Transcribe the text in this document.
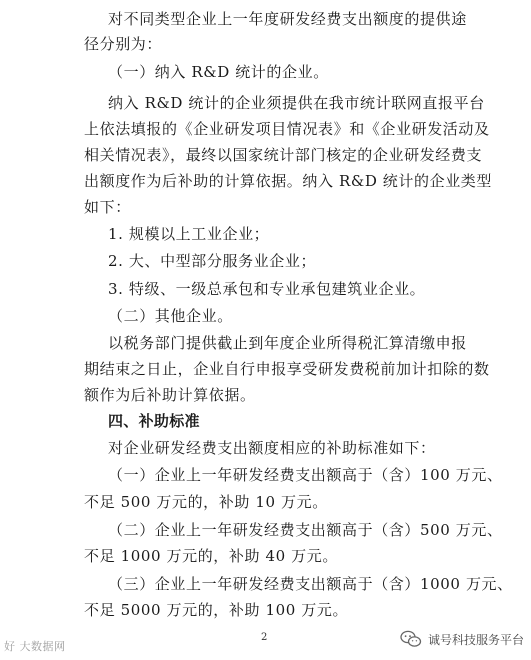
对不同类型企业上一年度研发经费支出额度的提供途
径分别为：
（一）纳入 R&D 统计的企业。
纳入 R&D 统计的企业须提供在我市统计联网直报平台
上依法填报的《企业研发项目情况表》和《企业研发活动及
相关情况表》，最终以国家统计部门核定的企业研发经费支
出额度作为后补助的计算依据。纳入 R&D 统计的企业类型
如下：
1. 规模以上工业企业；
2. 大、中型部分服务业企业；
3. 特级、一级总承包和专业承包建筑业企业。
（二）其他企业。
以税务部门提供截止到年度企业所得税汇算清缴申报
期结束之日止，企业自行申报享受研发费税前加计扣除的数
额作为后补助计算依据。
四、补助标准
对企业研发经费支出额度相应的补助标准如下：
（一）企业上一年研发经费支出额高于（含）100 万元、
不足 500 万元的，补助 10 万元。
（二）企业上一年研发经费支出额高于（含）500 万元、
不足 1000 万元的，补助 40 万元。
（三）企业上一年研发经费支出额高于（含）1000 万元、
不足 5000 万元的，补助 100 万元。
2
好 大数据网	诚号科技服务平台
